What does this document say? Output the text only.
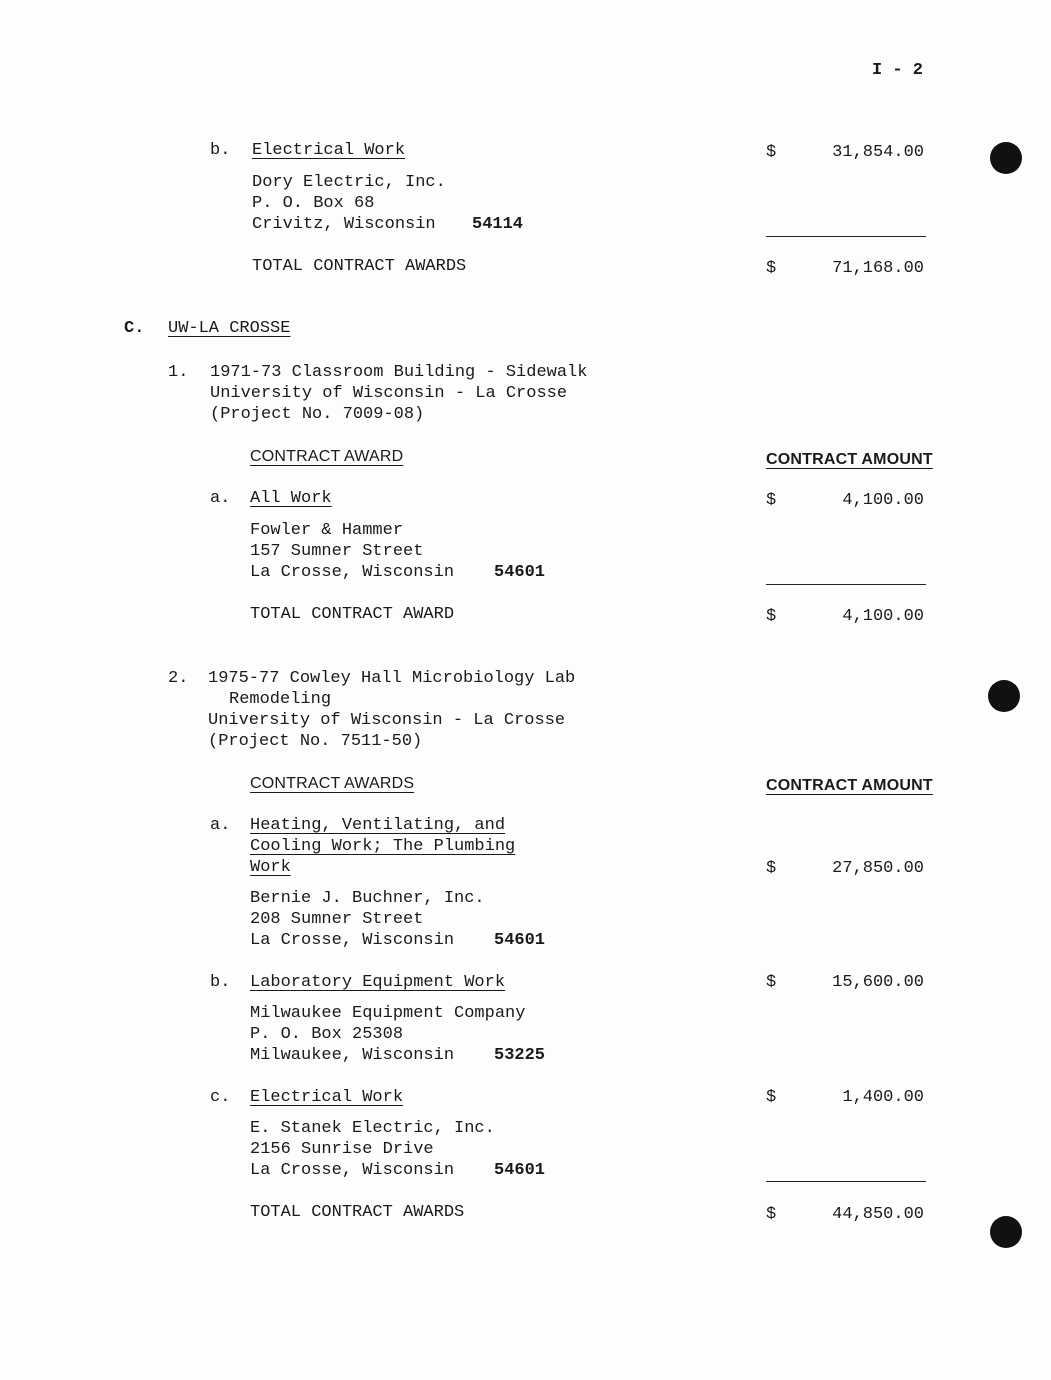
I - 2
b. Electrical Work
Dory Electric, Inc.
P. O. Box 68
Crivitz, Wisconsin 54114
$	31,854.00
TOTAL CONTRACT AWARDS	$	71,168.00
C. UW-LA CROSSE
1. 1971-73 Classroom Building - Sidewalk
University of Wisconsin - La Crosse
(Project No. 7009-08)
CONTRACT AWARD	CONTRACT AMOUNT
a. All Work
Fowler & Hammer
157 Sumner Street
La Crosse, Wisconsin 54601
$	4,100.00
TOTAL CONTRACT AWARD	$	4,100.00
2. 1975-77 Cowley Hall Microbiology Lab
Remodeling
University of Wisconsin - La Crosse
(Project No. 7511-50)
CONTRACT AWARDS	CONTRACT AMOUNT
a. Heating, Ventilating, and
Cooling Work; The Plumbing
Work
Bernie J. Buchner, Inc.
208 Sumner Street
La Crosse, Wisconsin 54601
$	27,850.00
b. Laboratory Equipment Work
Milwaukee Equipment Company
P. O. Box 25308
Milwaukee, Wisconsin 53225
$	15,600.00
c. Electrical Work
E. Stanek Electric, Inc.
2156 Sunrise Drive
La Crosse, Wisconsin 54601
$	1,400.00
TOTAL CONTRACT AWARDS	$	44,850.00
